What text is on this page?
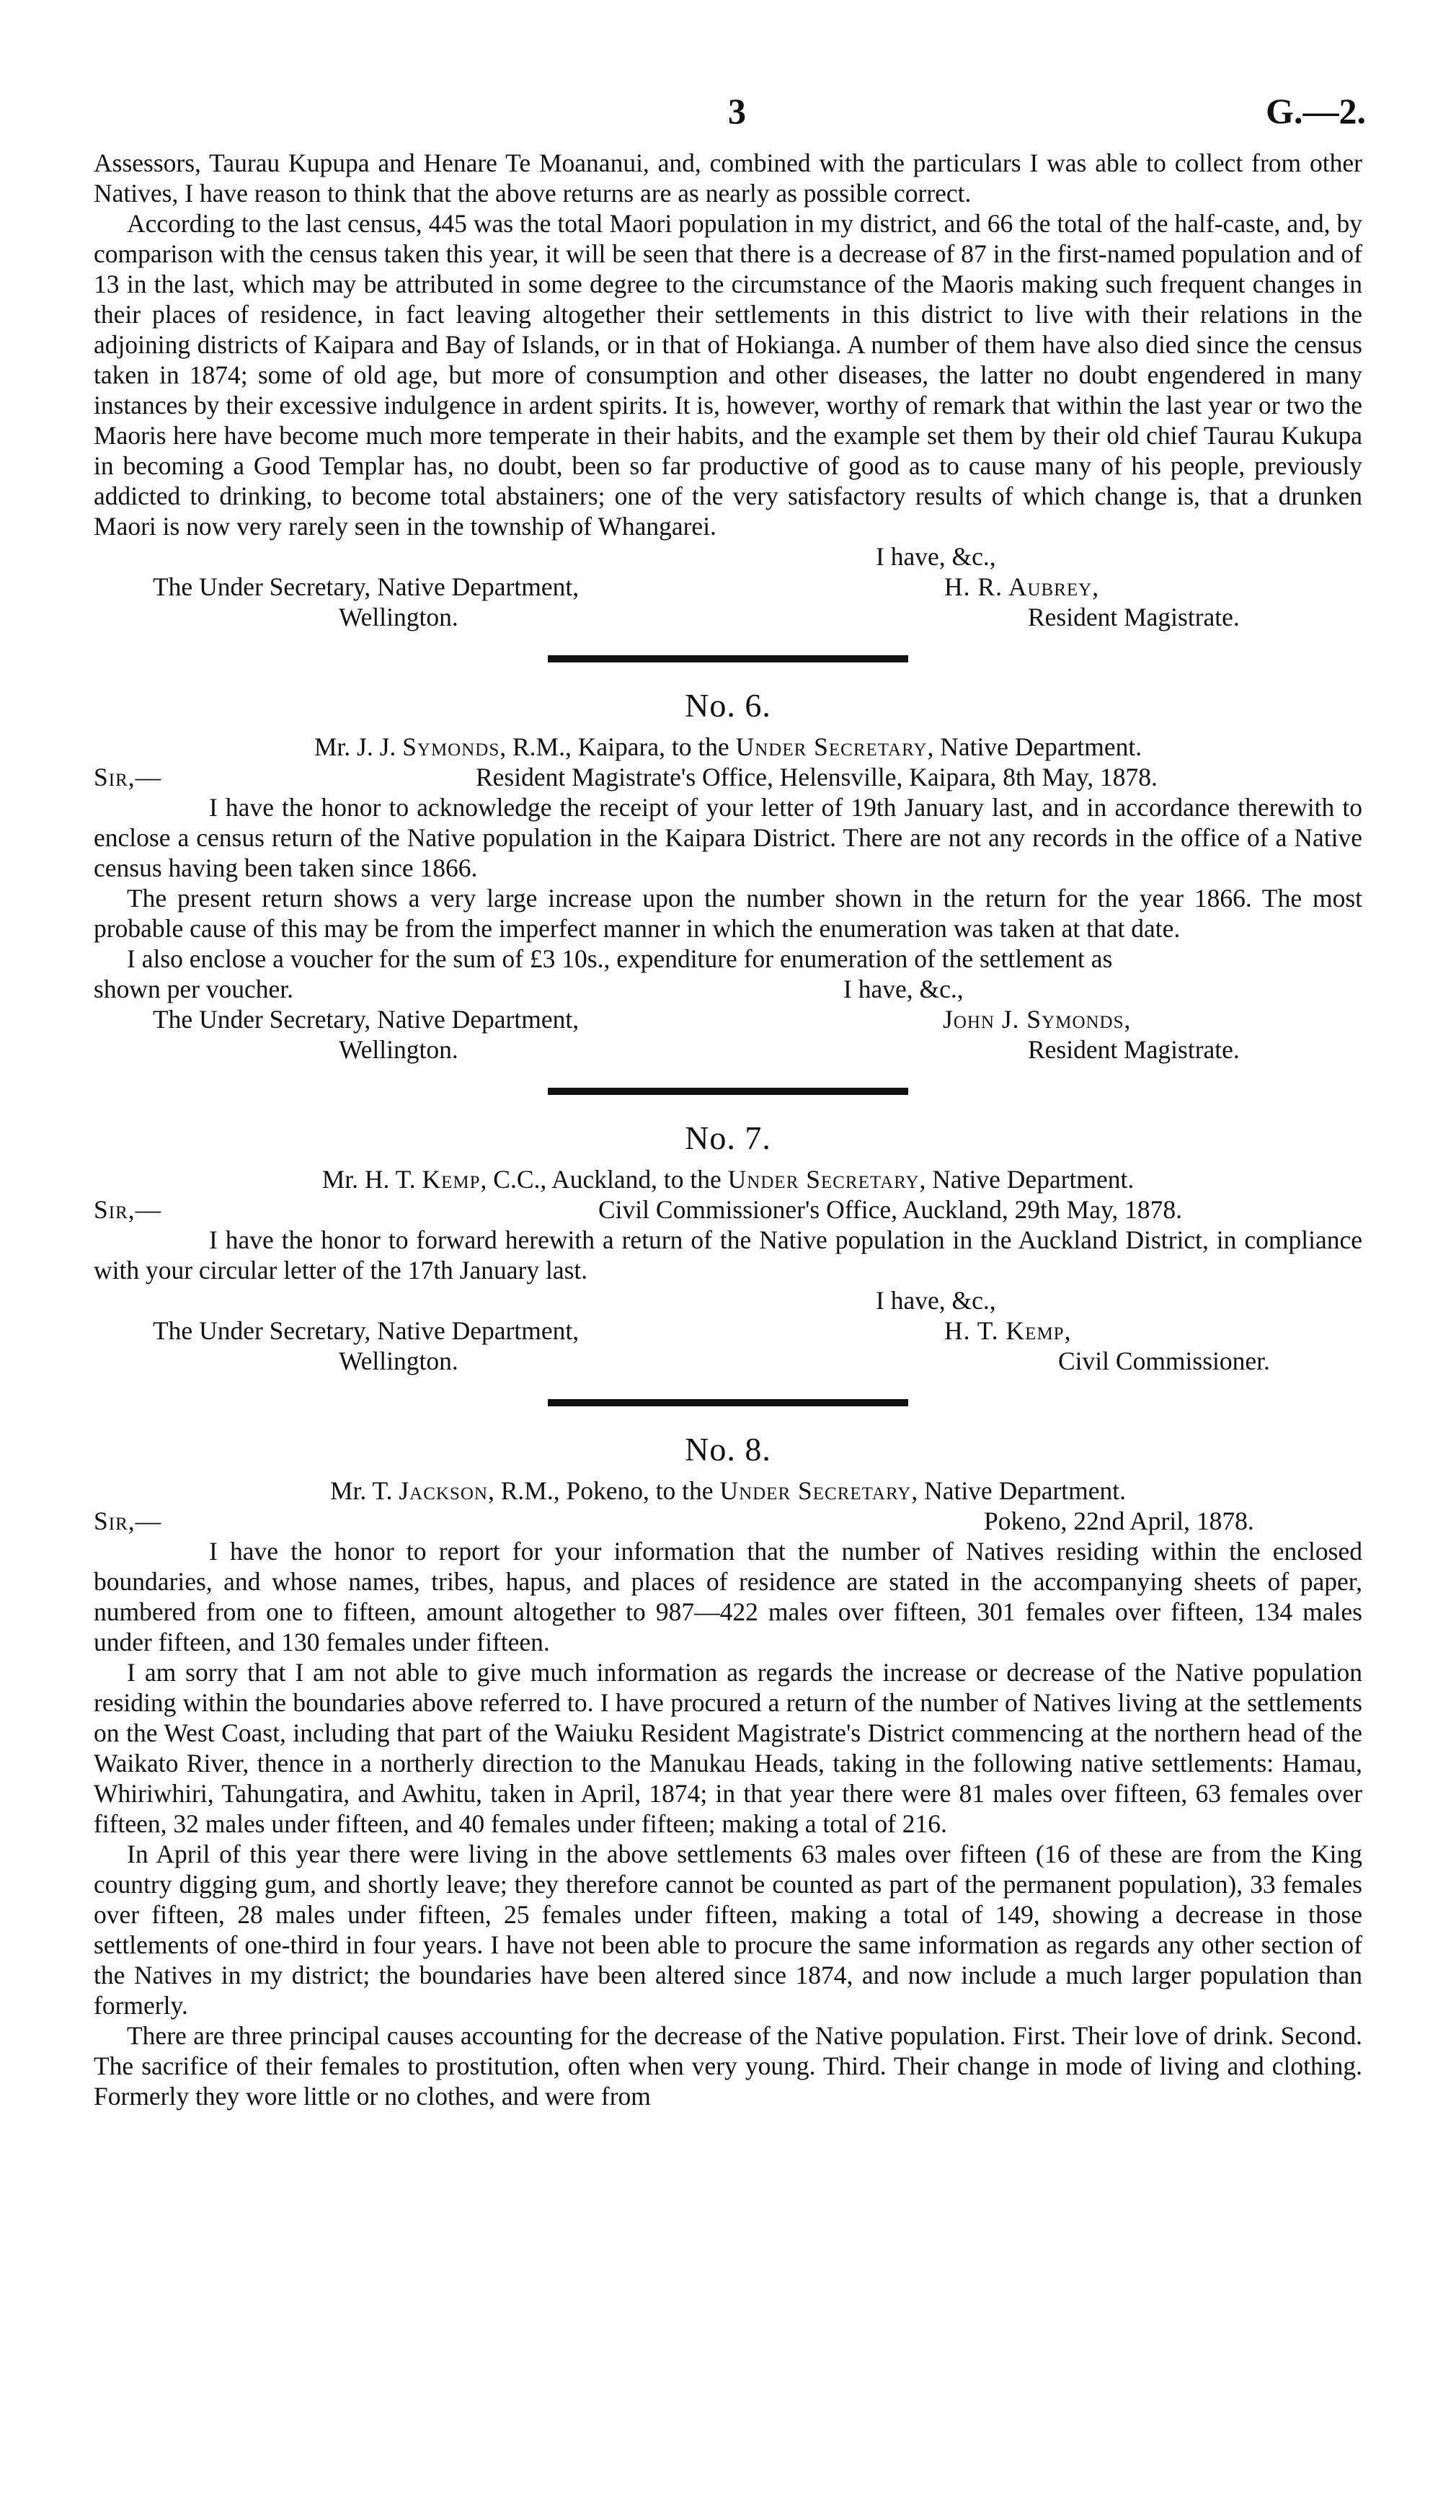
3	G.—2.

Assessors, Taurau Kupupa and Henare Te Moananui, and, combined with the particulars I was able to collect from other Natives, I have reason to think that the above returns are as nearly as possible correct.

According to the last census, 445 was the total Maori population in my district, and 66 the total of the half-caste, and, by comparison with the census taken this year, it will be seen that there is a decrease of 87 in the first-named population and of 13 in the last, which may be attributed in some degree to the circumstance of the Maoris making such frequent changes in their places of residence, in fact leaving altogether their settlements in this district to live with their relations in the adjoining districts of Kaipara and Bay of Islands, or in that of Hokianga. A number of them have also died since the census taken in 1874; some of old age, but more of consumption and other diseases, the latter no doubt engendered in many instances by their excessive indulgence in ardent spirits. It is, however, worthy of remark that within the last year or two the Maoris here have become much more temperate in their habits, and the example set them by their old chief Taurau Kukupa in becoming a Good Templar has, no doubt, been so far productive of good as to cause many of his people, previously addicted to drinking, to become total abstainers; one of the very satisfactory results of which change is, that a drunken Maori is now very rarely seen in the township of Whangarei.

I have, &c.,
The Under Secretary, Native Department,	H. R. Aubrey,
Wellington.	Resident Magistrate.
No. 6.
Mr. J. J. Symonds, R.M., Kaipara, to the Under Secretary, Native Department.
Sir,—	Resident Magistrate's Office, Helensville, Kaipara, 8th May, 1878.

I have the honor to acknowledge the receipt of your letter of 19th January last, and in accordance therewith to enclose a census return of the Native population in the Kaipara District. There are not any records in the office of a Native census having been taken since 1866.

The present return shows a very large increase upon the number shown in the return for the year 1866. The most probable cause of this may be from the imperfect manner in which the enumeration was taken at that date.

I also enclose a voucher for the sum of £3 10s., expenditure for enumeration of the settlement as

shown per voucher.	I have, &c.,
The Under Secretary, Native Department,	John J. Symonds,
Wellington.	Resident Magistrate.
No. 7.
Mr. H. T. Kemp, C.C., Auckland, to the Under Secretary, Native Department.
Sir,—	Civil Commissioner's Office, Auckland, 29th May, 1878.

I have the honor to forward herewith a return of the Native population in the Auckland District, in compliance with your circular letter of the 17th January last.

I have, &c.,
The Under Secretary, Native Department,	H. T. Kemp,
Wellington.	Civil Commissioner.
No. 8.
Mr. T. Jackson, R.M., Pokeno, to the Under Secretary, Native Department.
Sir,—	Pokeno, 22nd April, 1878.

I have the honor to report for your information that the number of Natives residing within the enclosed boundaries, and whose names, tribes, hapus, and places of residence are stated in the accompanying sheets of paper, numbered from one to fifteen, amount altogether to 987—422 males over fifteen, 301 females over fifteen, 134 males under fifteen, and 130 females under fifteen.

I am sorry that I am not able to give much information as regards the increase or decrease of the Native population residing within the boundaries above referred to. I have procured a return of the number of Natives living at the settlements on the West Coast, including that part of the Waiuku Resident Magistrate's District commencing at the northern head of the Waikato River, thence in a northerly direction to the Manukau Heads, taking in the following native settlements: Hamau, Whiriwhiri, Tahungatira, and Awhitu, taken in April, 1874; in that year there were 81 males over fifteen, 63 females over fifteen, 32 males under fifteen, and 40 females under fifteen; making a total of 216.

In April of this year there were living in the above settlements 63 males over fifteen (16 of these are from the King country digging gum, and shortly leave; they therefore cannot be counted as part of the permanent population), 33 females over fifteen, 28 males under fifteen, 25 females under fifteen, making a total of 149, showing a decrease in those settlements of one-third in four years. I have not been able to procure the same information as regards any other section of the Natives in my district; the boundaries have been altered since 1874, and now include a much larger population than formerly.

There are three principal causes accounting for the decrease of the Native population. First. Their love of drink. Second. The sacrifice of their females to prostitution, often when very young. Third. Their change in mode of living and clothing. Formerly they wore little or no clothes, and were from
